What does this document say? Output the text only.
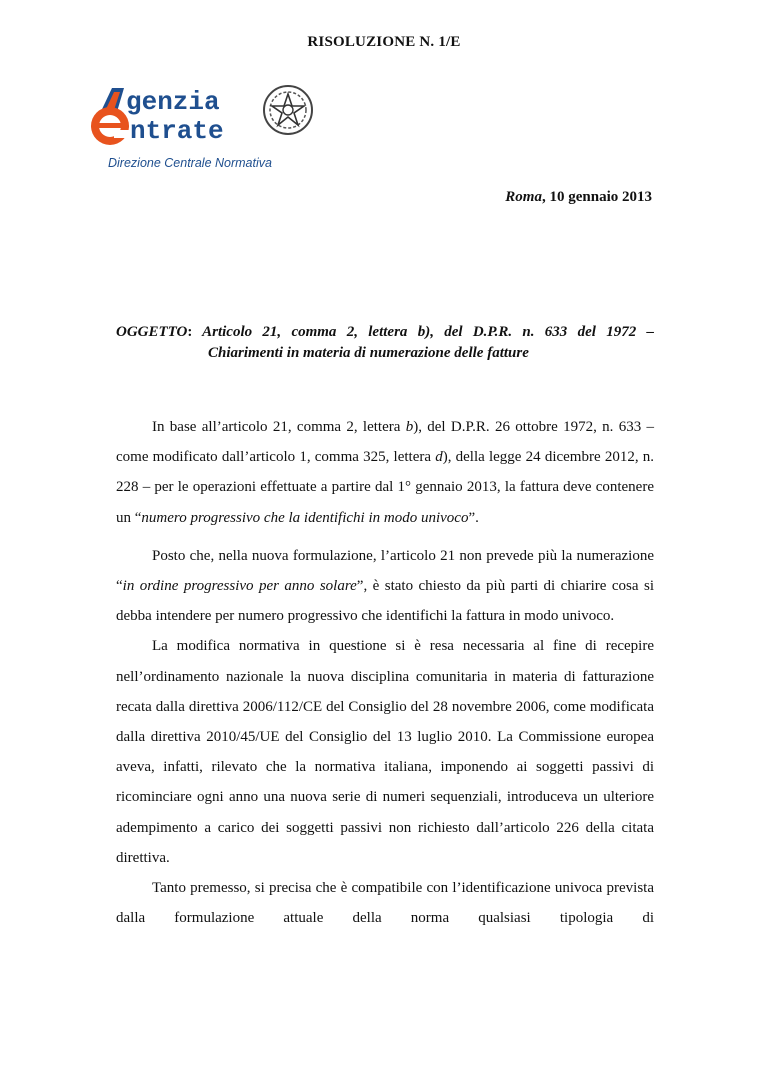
RISOLUZIONE N. 1/E
genzia
ntrate
Direzione Centrale Normativa
Roma, 10 gennaio 2013
OGGETTO: Articolo 21, comma 2, lettera b), del D.P.R. n. 633 del 1972 –
Chiarimenti in materia di numerazione delle fatture

In base all’articolo 21, comma 2, lettera b), del D.P.R. 26 ottobre 1972, n. 633 – come modificato dall’articolo 1, comma 325, lettera d), della legge 24 dicembre 2012, n. 228 – per le operazioni effettuate a partire dal 1° gennaio 2013, la fattura deve contenere un “numero progressivo che la identifichi in modo univoco”.

Posto che, nella nuova formulazione, l’articolo 21 non prevede più la numerazione “in ordine progressivo per anno solare”, è stato chiesto da più parti di chiarire cosa si debba intendere per numero progressivo che identifichi la fattura in modo univoco.

La modifica normativa in questione si è resa necessaria al fine di recepire nell’ordinamento nazionale la nuova disciplina comunitaria in materia di fatturazione recata dalla direttiva 2006/112/CE del Consiglio del 28 novembre 2006, come modificata dalla direttiva 2010/45/UE del Consiglio del 13 luglio 2010. La Commissione europea aveva, infatti, rilevato che la normativa italiana, imponendo ai soggetti passivi di ricominciare ogni anno una nuova serie di numeri sequenziali, introduceva un ulteriore adempimento a carico dei soggetti passivi non richiesto dall’articolo 226 della citata direttiva.

Tanto premesso, si precisa che è compatibile con l’identificazione univoca prevista dalla formulazione attuale della norma qualsiasi tipologia di
